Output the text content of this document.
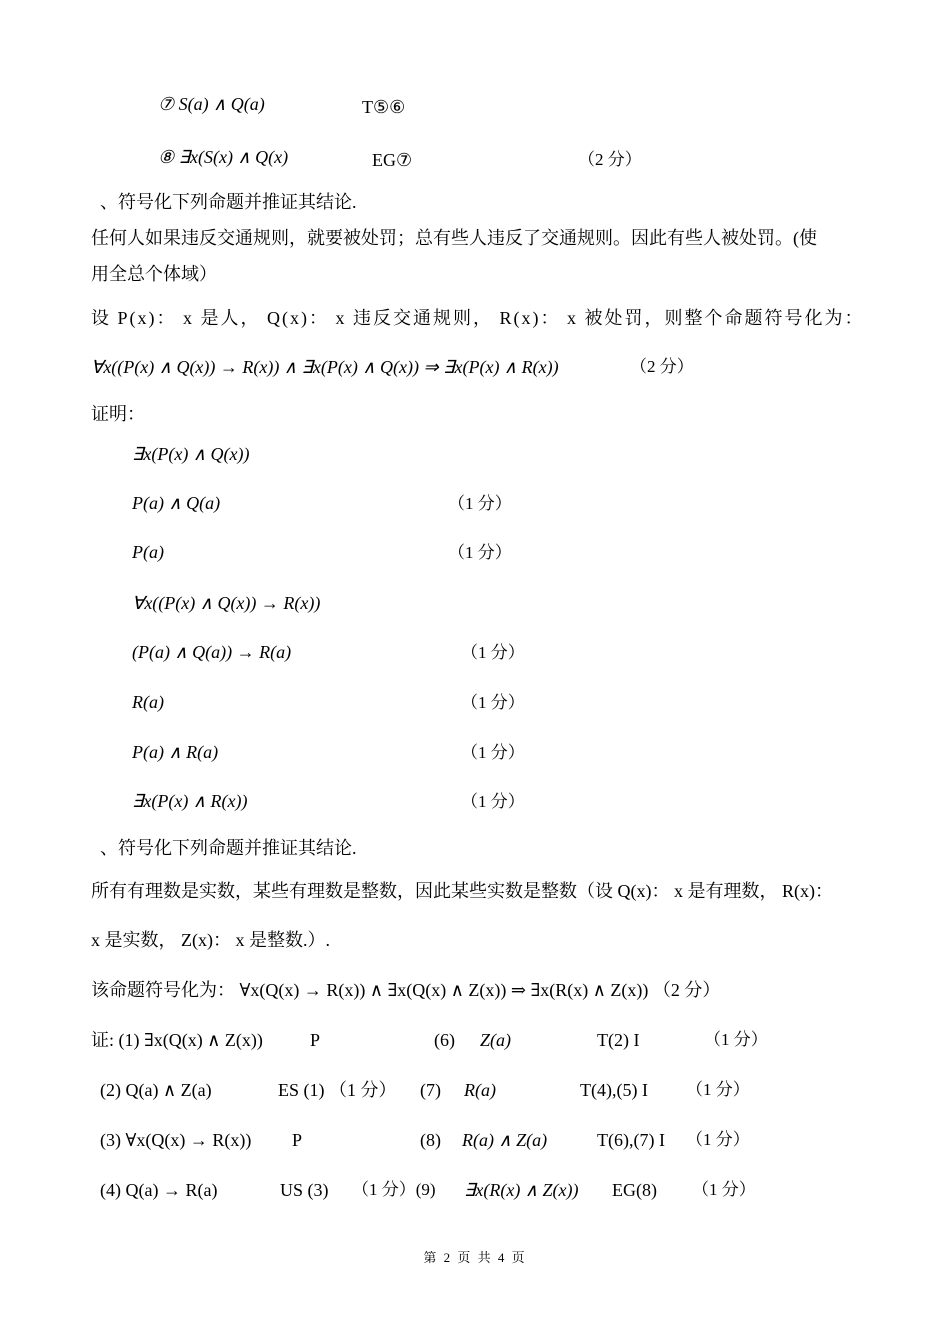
⑦ S(a) ∧ Q(a)	T⑤⑥
⑧ ∃x(S(x) ∧ Q(x)	EG⑦	（2 分）
、符号化下列命题并推证其结论.
任何人如果违反交通规则，就要被处罚；总有些人违反了交通规则。因此有些人被处罚。(使
用全总个体域）
设 P(x)： x 是人， Q(x)： x 违反交通规则， R(x)： x 被处罚，则整个命题符号化为：
∀x((P(x) ∧ Q(x)) → R(x)) ∧ ∃x(P(x) ∧ Q(x)) ⇒ ∃x(P(x) ∧ R(x))	（2 分）
证明：
∃x(P(x) ∧ Q(x))
P(a) ∧ Q(a)	（1 分）
P(a)	（1 分）
∀x((P(x) ∧ Q(x)) → R(x))
(P(a) ∧ Q(a)) → R(a)	（1 分）
R(a)	（1 分）
P(a) ∧ R(a)	（1 分）
∃x(P(x) ∧ R(x))	（1 分）
、符号化下列命题并推证其结论.
所有有理数是实数，某些有理数是整数，因此某些实数是整数（设 Q(x)： x 是有理数， R(x)：
x 是实数， Z(x)： x 是整数.）.
该命题符号化为： ∀x(Q(x) → R(x)) ∧ ∃x(Q(x) ∧ Z(x)) ⇒ ∃x(R(x) ∧ Z(x)) （2 分）
证: (1) ∃x(Q(x) ∧ Z(x))	P	(6) Z(a)	T(2) I	（1 分）
(2) Q(a) ∧ Z(a)	ES (1) （1 分） (7) R(a)	T(4),(5) I （1 分）
(3) ∀x(Q(x) → R(x)) P	(8) R(a) ∧ Z(a)	T(6),(7) I （1 分）
(4) Q(a) → R(a)	US (3) （1 分）(9) ∃x(R(x) ∧ Z(x)) EG(8) （1 分）
第 2 页 共 4 页
